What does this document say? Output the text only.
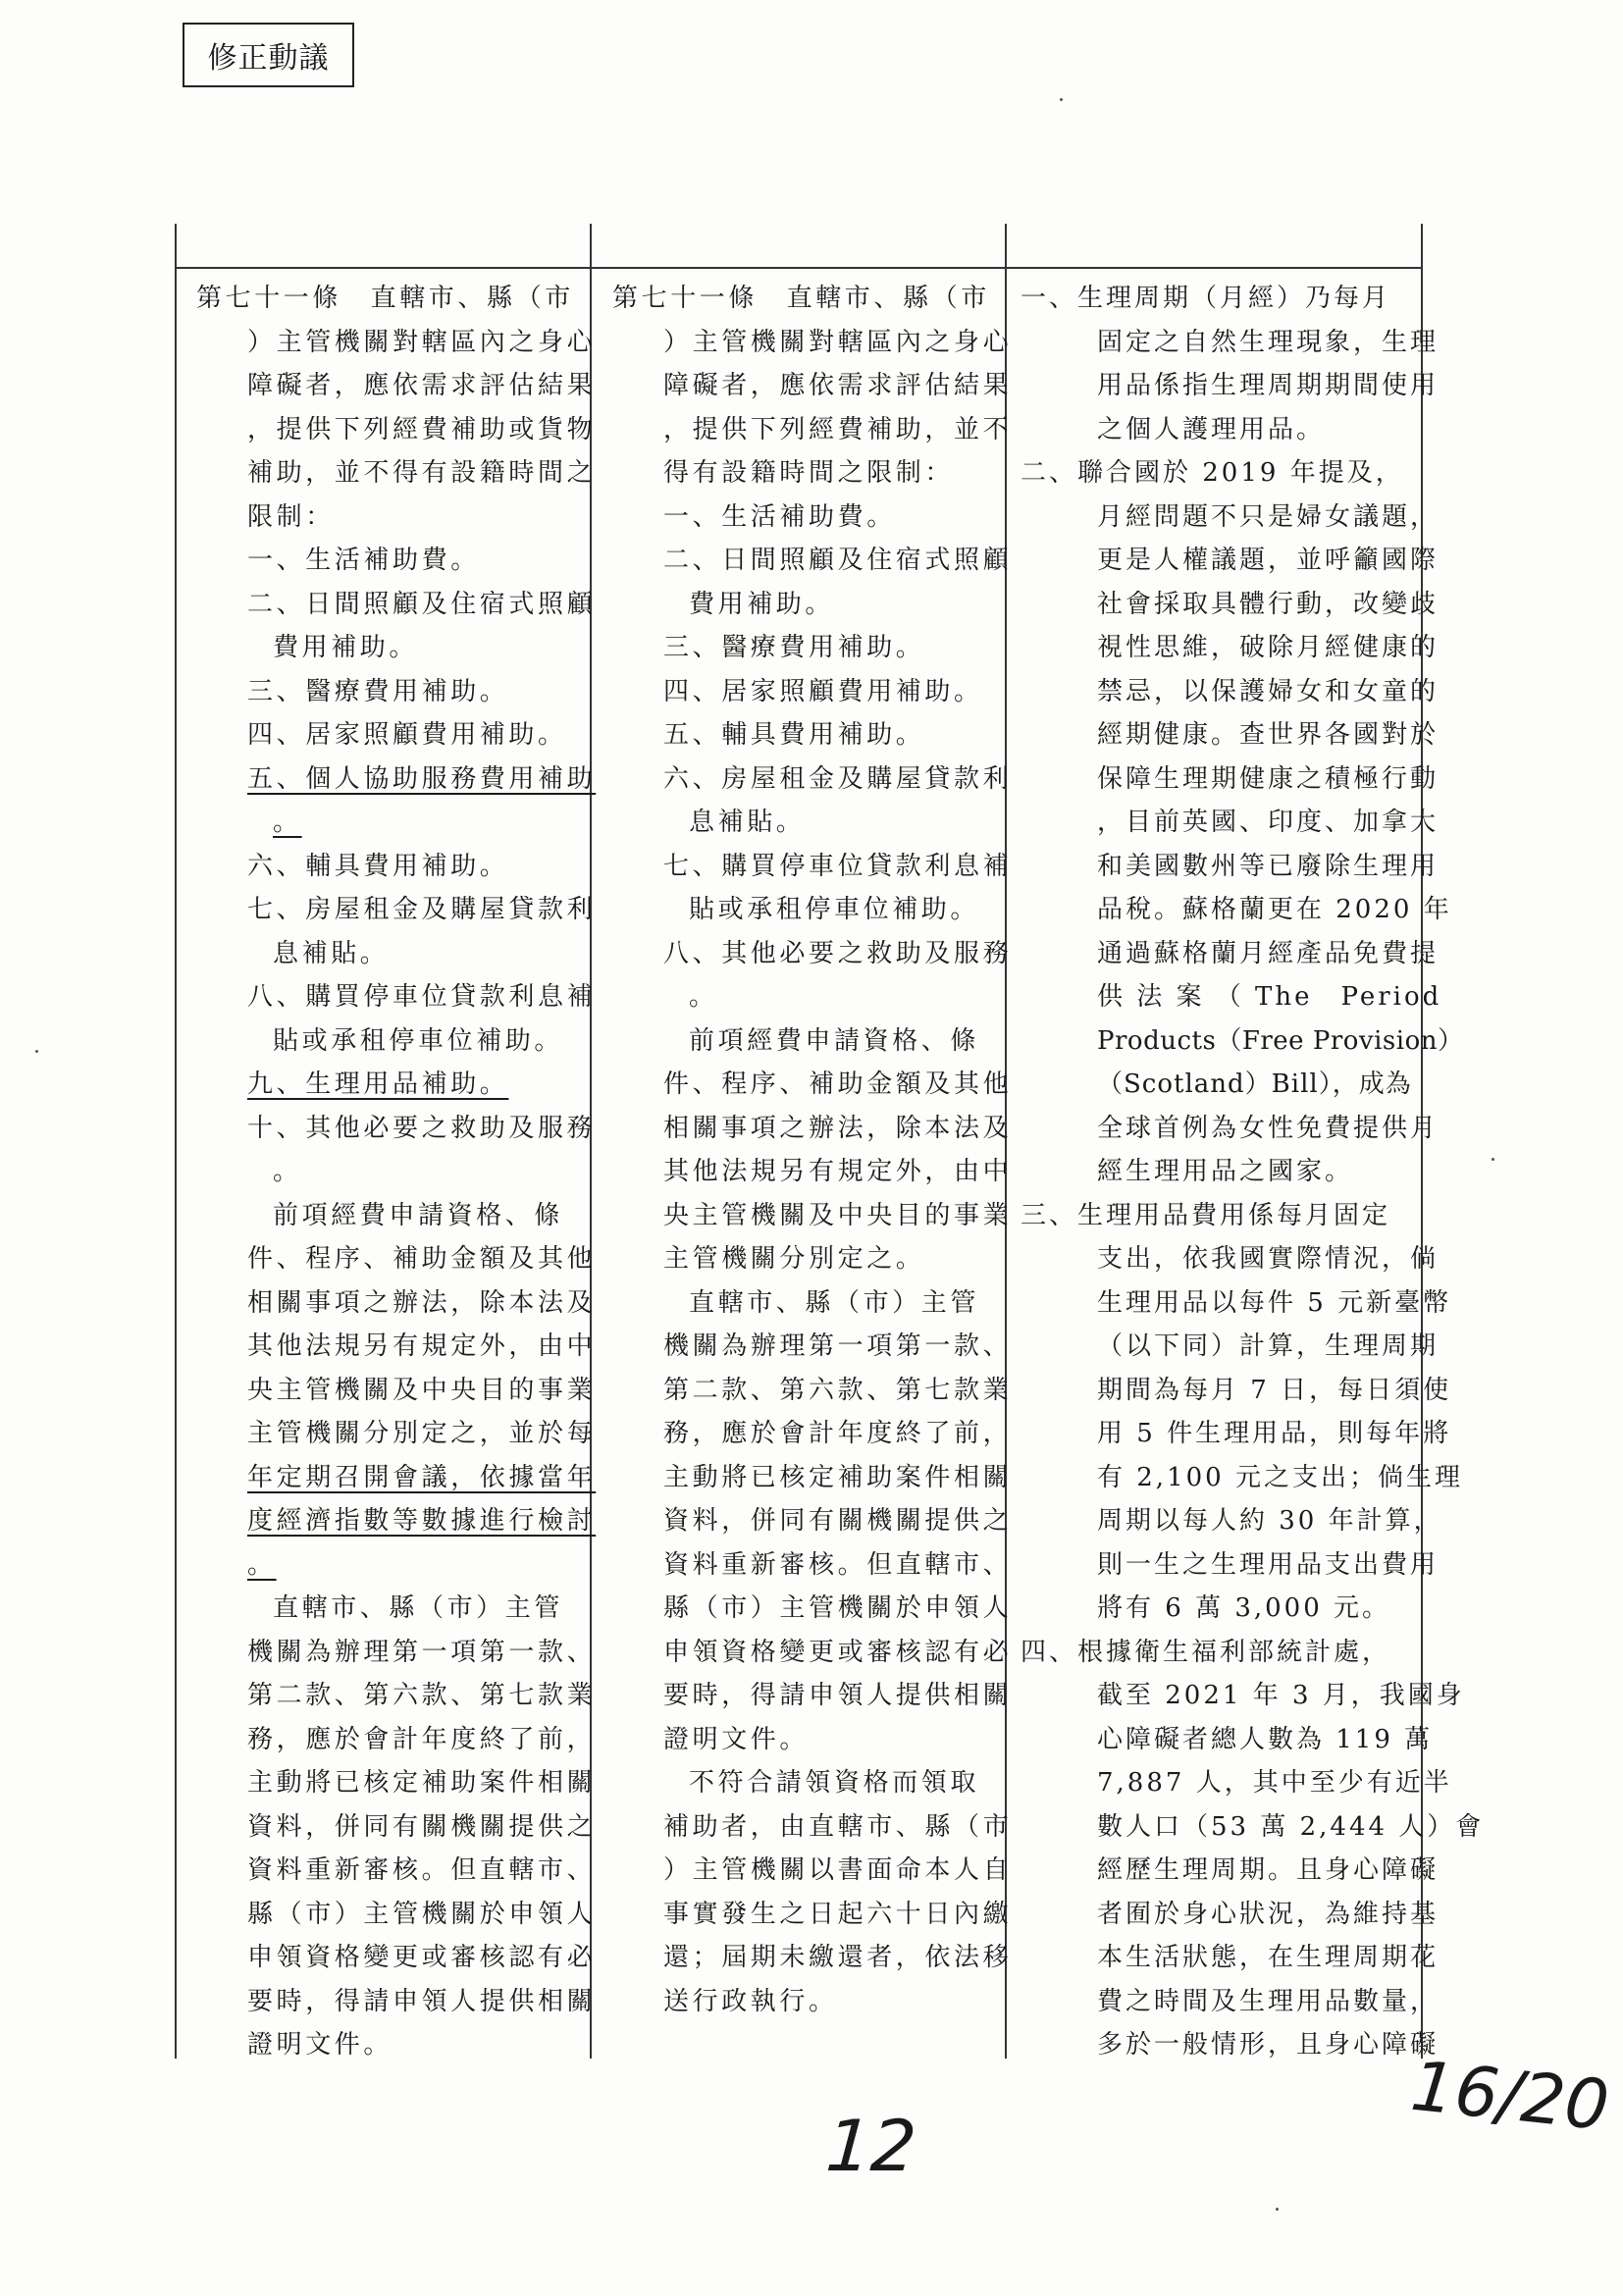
修正動議

第七十一條　直轄市、縣（市

）主管機關對轄區內之身心

障礙者，應依需求評估結果

，提供下列經費補助或貨物

補助，並不得有設籍時間之

限制：

一、生活補助費。

二、日間照顧及住宿式照顧

費用補助。

三、醫療費用補助。

四、居家照顧費用補助。

五、個人協助服務費用補助

。

六、輔具費用補助。

七、房屋租金及購屋貸款利

息補貼。

八、購買停車位貸款利息補

貼或承租停車位補助。

九、生理用品補助。

十、其他必要之救助及服務

。

前項經費申請資格、條

件、程序、補助金額及其他

相關事項之辦法，除本法及

其他法規另有規定外，由中

央主管機關及中央目的事業

主管機關分別定之，並於每

年定期召開會議，依據當年

度經濟指數等數據進行檢討

。

直轄市、縣（市）主管

機關為辦理第一項第一款、

第二款、第六款、第七款業

務，應於會計年度終了前，

主動將已核定補助案件相關

資料，併同有關機關提供之

資料重新審核。但直轄市、

縣（市）主管機關於申領人

申領資格變更或審核認有必

要時，得請申領人提供相關

證明文件。

第七十一條　直轄市、縣（市

）主管機關對轄區內之身心

障礙者，應依需求評估結果

，提供下列經費補助，並不

得有設籍時間之限制：

一、生活補助費。

二、日間照顧及住宿式照顧

費用補助。

三、醫療費用補助。

四、居家照顧費用補助。

五、輔具費用補助。

六、房屋租金及購屋貸款利

息補貼。

七、購買停車位貸款利息補

貼或承租停車位補助。

八、其他必要之救助及服務

。

前項經費申請資格、條

件、程序、補助金額及其他

相關事項之辦法，除本法及

其他法規另有規定外，由中

央主管機關及中央目的事業

主管機關分別定之。

直轄市、縣（市）主管

機關為辦理第一項第一款、

第二款、第六款、第七款業

務，應於會計年度終了前，

主動將已核定補助案件相關

資料，併同有關機關提供之

資料重新審核。但直轄市、

縣（市）主管機關於申領人

申領資格變更或審核認有必

要時，得請申領人提供相關

證明文件。

不符合請領資格而領取

補助者，由直轄市、縣（市

）主管機關以書面命本人自

事實發生之日起六十日內繳

還；屆期未繳還者，依法移

送行政執行。

一、生理周期（月經）乃每月

固定之自然生理現象，生理

用品係指生理周期期間使用

之個人護理用品。

二、聯合國於 2019 年提及，

月經問題不只是婦女議題，

更是人權議題，並呼籲國際

社會採取具體行動，改變歧

視性思維，破除月經健康的

禁忌，以保護婦女和女童的

經期健康。查世界各國對於

保障生理期健康之積極行動

，目前英國、印度、加拿大

和美國數州等已廢除生理用

品稅。蘇格蘭更在 2020 年

通過蘇格蘭月經產品免費提

供 法 案 （ The　Period

Products（Free Provision）

（Scotland）Bill），成為

全球首例為女性免費提供月

經生理用品之國家。

三、生理用品費用係每月固定

支出，依我國實際情況，倘

生理用品以每件 5 元新臺幣

（以下同）計算，生理周期

期間為每月 7 日，每日須使

用 5 件生理用品，則每年將

有 2,100 元之支出；倘生理

周期以每人約 30 年計算，

則一生之生理用品支出費用

將有 6 萬 3,000 元。

四、根據衛生福利部統計處，

截至 2021 年 3 月，我國身

心障礙者總人數為 119 萬

7,887 人，其中至少有近半

數人口（53 萬 2,444 人）會

經歷生理周期。且身心障礙

者囿於身心狀況，為維持基

本生活狀態，在生理周期花

費之時間及生理用品數量，

多於一般情形，且身心障礙

12	16/20
